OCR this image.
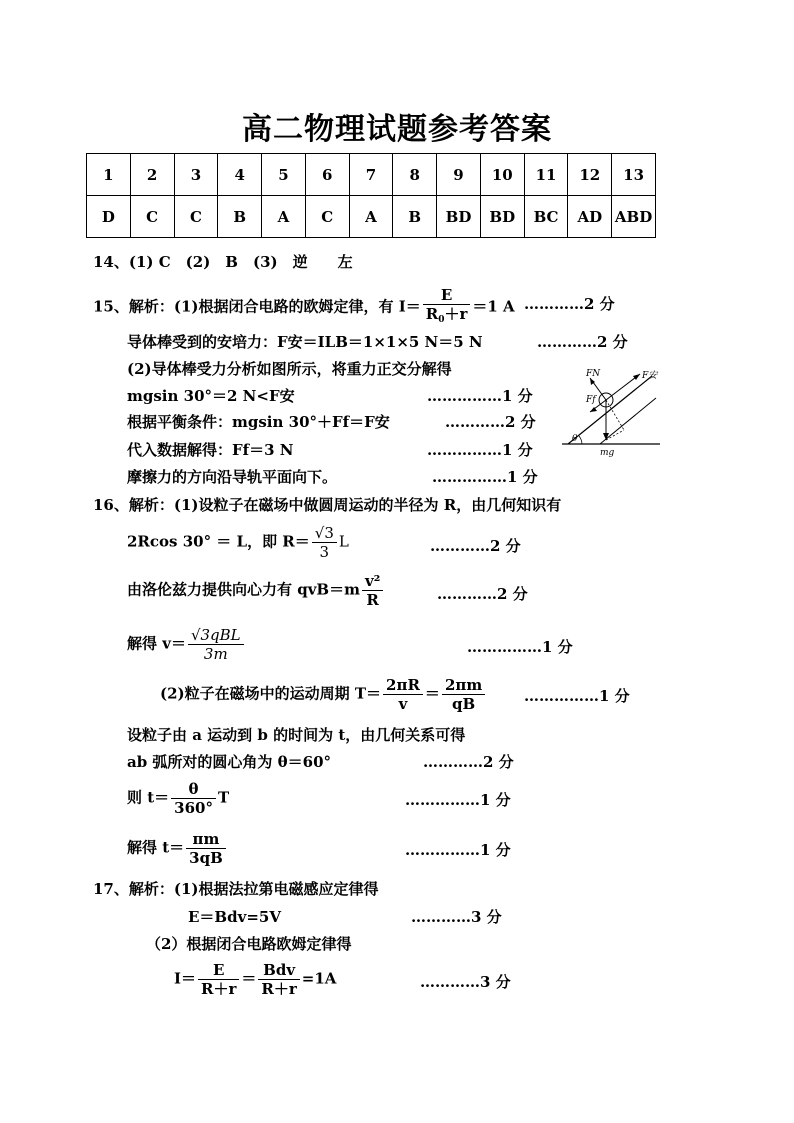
高二物理试题参考答案
1	2	3	4	5	6	7	8	9	10	11	12	13
D	C	C	B	A	C	A	B	BD	BD	BC	AD	ABD
14、(1) C　(2)　B　(3)　逆　　左
15、解析：(1)根据闭合电路的欧姆定律，有 $I= \frac{E}{R_0+r} =1$ A …………2 分
导体棒受到的安培力：F安＝ILB＝1×1×5 N＝5 N	…………2 分
(2)导体棒受力分析如图所示，将重力正交分解得
mgsin 30°＝2 N<F安	……………1 分
根据平衡条件：mgsin 30°＋Ff＝F安	…………2 分
代入数据解得：Ff＝3 N	……………1 分
摩擦力的方向沿导轨平面向下。	……………1 分
FN	F安
Ff
θ
mg
16、解析：(1)设粒子在磁场中做圆周运动的半径为 R，由几何知识有
2Rcos 30° ＝ L，即 $R= \frac{√3}{3}$ L	…………2 分
由洛伦兹力提供向心力有 $qvB=m \frac{\text{v²}}{R}$	…………2 分
解得 $v= \frac{\text{√3qBL}}{3m}$	……………1 分
(2)粒子在磁场中的运动周期 $T= \frac{2\pi R}{v} = \frac{2\pi m}{qB}$	……………1 分
设粒子由 a 运动到 b 的时间为 t，由几何关系可得
ab 弧所对的圆心角为 θ＝60°	…………2 分
则 $t= \frac{\theta}{360^\circ}$ T	……………1 分
解得 $t= \frac{\pi m}{3qB}$	……………1 分
17、解析：(1)根据法拉第电磁感应定律得
E＝Bdv=5V	…………3 分
（2）根据闭合电路欧姆定律得
$I= \frac{E}{R+r} = \frac{\text{Bdv}}{R+r} =1A$	…………3 分
